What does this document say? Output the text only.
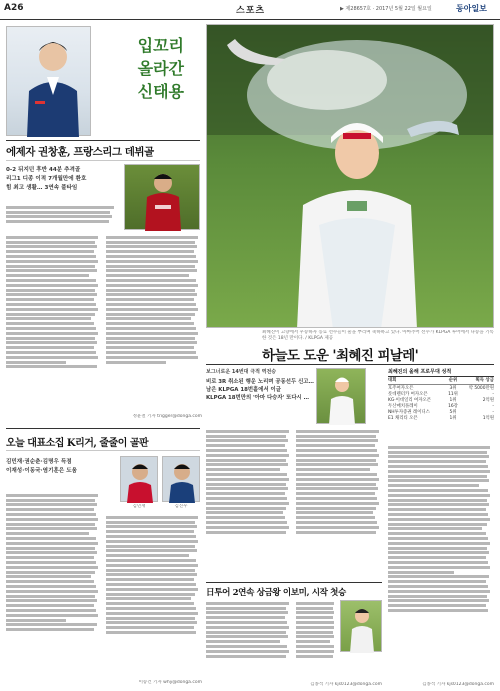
A26	스포츠	▶ 제28657호 · 2017년 5월 22일 월요일	동아일보
입꼬리
올라간
신태용
에제자 권창훈, 프랑스리그 데뷔골
0-2 뒤지던 후반 44분 추격골
리그1 디종 이적 7개월만에 환호
힘 최고 생활… 3연속 풀타임
정윤철 기자 trigger@donga.com
오늘 대표소집 K리거, 줄줄이 골판
김민재·권순춘·김명우 득점
이재성·이동국·염기훈은 도움
김민재	김진우
이승건 기자 why@donga.com
최혜진이 고향에서 우승하자 동료 선수들이 물을 뿌리며 축하하고 있다. 아마추어 선수가 KLPGA 투어에서 다승을 기록한 것은 18년 만이다. / KLPGA 제공
하늘도 도운 '최혜진 피날레'
보그너로운 14번대 극적 역전승
비로 3R 취소된 행운 노리며 공동선두 신고… 남은 KLPGA 18번홀에서 이글
KLPGA 18번만의 '아마 다승자' 또다시 …
日투어 2연속 상금왕 이보미, 시작 첫승
김종석 기자 kjs0123@donga.com
최혜진의 올해 프로무대 성적
대회	순위	획득 상금
호주여자오픈	3위	약 5000만원
롯데렌터카 여자오픈	11위	-
KG·이데일리 여자오픈	1위	2억원
두산매치플레이	16강	-
NH투자증권 레이디스	5위	-
E1 채리티 오픈	1위	1억원
김종석 기자 kjs0123@donga.com
